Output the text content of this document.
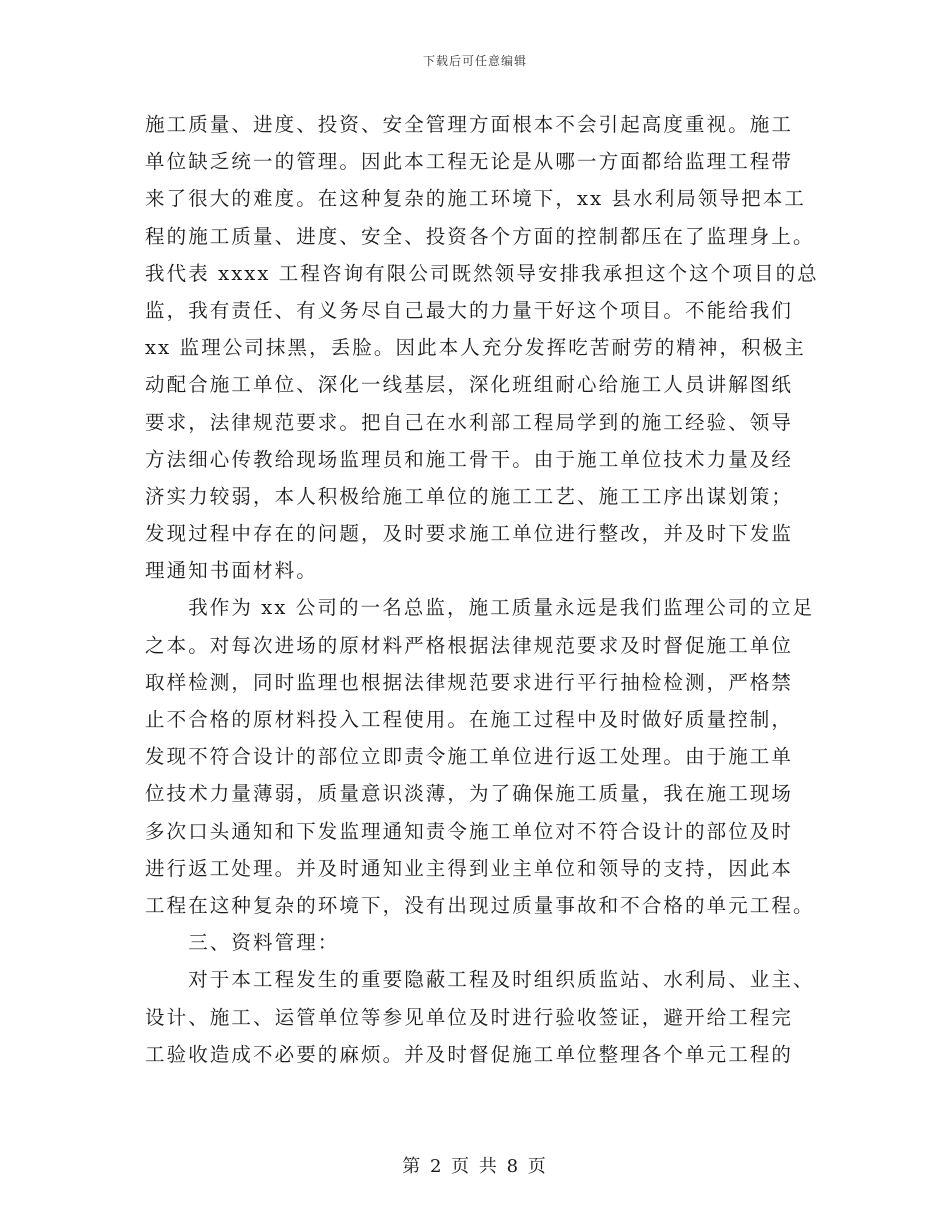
下载后可任意编辑
施工质量、进度、投资、安全管理方面根本不会引起高度重视。施工
单位缺乏统一的管理。因此本工程无论是从哪一方面都给监理工程带
来了很大的难度。在这种复杂的施工环境下，xx 县水利局领导把本工
程的施工质量、进度、安全、投资各个方面的控制都压在了监理身上。
我代表 xxxx 工程咨询有限公司既然领导安排我承担这个这个项目的总
监，我有责任、有义务尽自己最大的力量干好这个项目。不能给我们
xx 监理公司抹黑，丢脸。因此本人充分发挥吃苦耐劳的精神，积极主
动配合施工单位、深化一线基层，深化班组耐心给施工人员讲解图纸
要求，法律规范要求。把自己在水利部工程局学到的施工经验、领导
方法细心传教给现场监理员和施工骨干。由于施工单位技术力量及经
济实力较弱，本人积极给施工单位的施工工艺、施工工序出谋划策；
发现过程中存在的问题，及时要求施工单位进行整改，并及时下发监
理通知书面材料。
　　我作为 xx 公司的一名总监，施工质量永远是我们监理公司的立足
之本。对每次进场的原材料严格根据法律规范要求及时督促施工单位
取样检测，同时监理也根据法律规范要求进行平行抽检检测，严格禁
止不合格的原材料投入工程使用。在施工过程中及时做好质量控制，
发现不符合设计的部位立即责令施工单位进行返工处理。由于施工单
位技术力量薄弱，质量意识淡薄，为了确保施工质量，我在施工现场
多次口头通知和下发监理通知责令施工单位对不符合设计的部位及时
进行返工处理。并及时通知业主得到业主单位和领导的支持，因此本
工程在这种复杂的环境下，没有出现过质量事故和不合格的单元工程。
　　三、资料管理：
　　对于本工程发生的重要隐蔽工程及时组织质监站、水利局、业主、
设计、施工、运管单位等参见单位及时进行验收签证，避开给工程完
工验收造成不必要的麻烦。并及时督促施工单位整理各个单元工程的
第 2 页 共 8 页
